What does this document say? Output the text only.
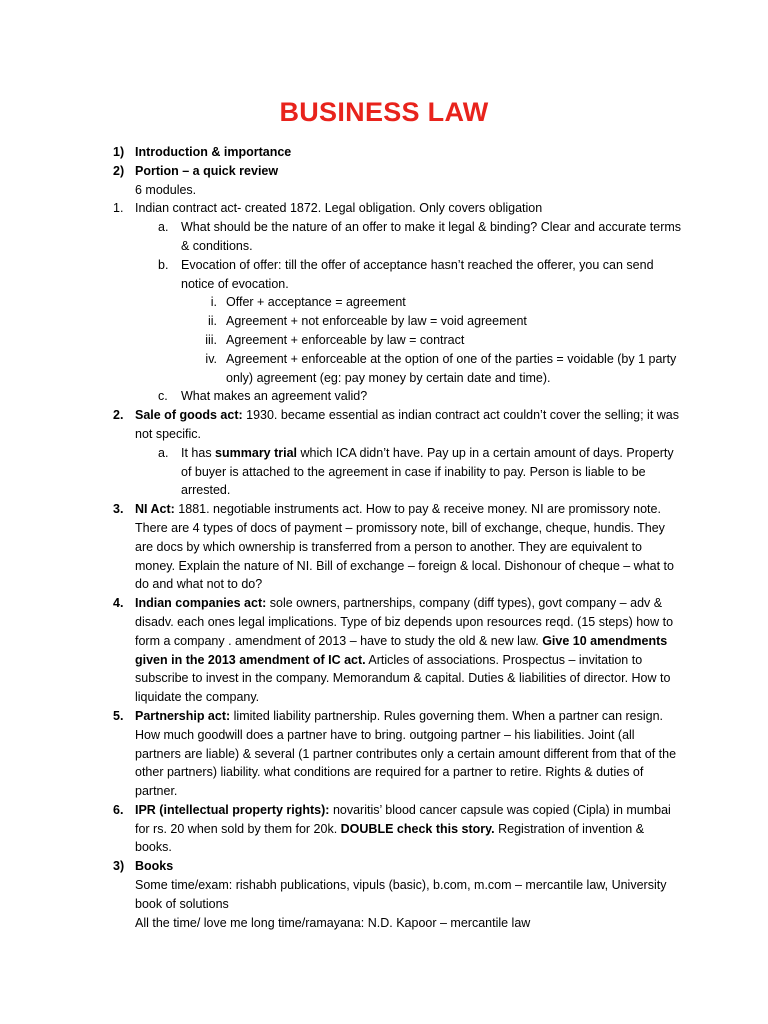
BUSINESS LAW
1) Introduction & importance
2) Portion – a quick review
6 modules.
1. Indian contract act- created 1872. Legal obligation. Only covers obligation
a. What should be the nature of an offer to make it legal & binding? Clear and accurate terms & conditions.
b. Evocation of offer: till the offer of acceptance hasn’t reached the offerer, you can send notice of evocation.
i. Offer + acceptance = agreement
ii. Agreement + not enforceable by law = void agreement
iii. Agreement + enforceable by law = contract
iv. Agreement + enforceable at the option of one of the parties = voidable (by 1 party only) agreement (eg: pay money by certain date and time).
c. What makes an agreement valid?
2. Sale of goods act: 1930. became essential as indian contract act couldn’t cover the selling; it was not specific.
a. It has summary trial which ICA didn’t have. Pay up in a certain amount of days. Property of buyer is attached to the agreement in case if inability to pay. Person is liable to be arrested.
3. NI Act: 1881. negotiable instruments act. How to pay & receive money. NI are promissory note. There are 4 types of docs of payment – promissory note, bill of exchange, cheque, hundis. They are docs by which ownership is transferred from a person to another. They are equivalent to money. Explain the nature of NI. Bill of exchange – foreign & local. Dishonour of cheque – what to do and what not to do?
4. Indian companies act: sole owners, partnerships, company (diff types), govt company – adv & disadv. each ones legal implications. Type of biz depends upon resources reqd. (15 steps) how to form a company . amendment of 2013 – have to study the old & new law. Give 10 amendments given in the 2013 amendment of IC act. Articles of associations. Prospectus – invitation to subscribe to invest in the company. Memorandum & capital. Duties & liabilities of director. How to liquidate the company.
5. Partnership act: limited liability partnership. Rules governing them. When a partner can resign. How much goodwill does a partner have to bring. outgoing partner – his liabilities. Joint (all partners are liable) & several (1 partner contributes only a certain amount different from that of the other partners) liability. what conditions are required for a partner to retire. Rights & duties of partner.
6. IPR (intellectual property rights): novaritis’ blood cancer capsule was copied (Cipla) in mumbai for rs. 20 when sold by them for 20k. DOUBLE check this story. Registration of invention & books.
3) Books
Some time/exam: rishabh publications, vipuls (basic), b.com, m.com – mercantile law, University book of solutions
All the time/ love me long time/ramayana: N.D. Kapoor – mercantile law
